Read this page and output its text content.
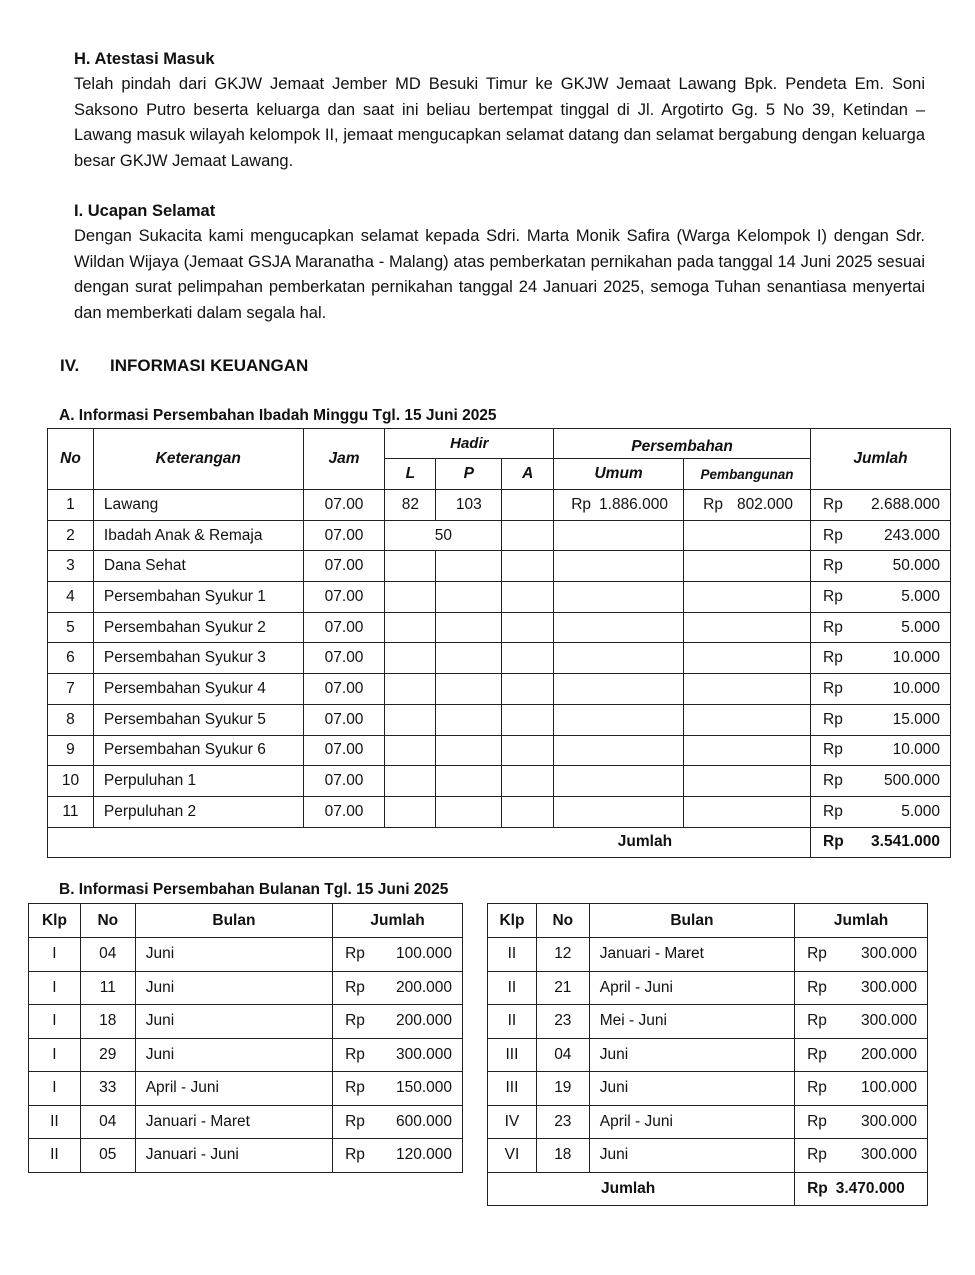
H. Atestasi Masuk

Telah pindah dari GKJW Jemaat Jember MD Besuki Timur ke GKJW Jemaat Lawang Bpk. Pendeta Em. Soni Saksono Putro beserta keluarga dan saat ini beliau bertempat tinggal di Jl. Argotirto Gg. 5 No 39, Ketindan – Lawang masuk wilayah kelompok II, jemaat mengucapkan selamat datang dan selamat bergabung dengan keluarga besar GKJW Jemaat Lawang.

I. Ucapan Selamat

Dengan Sukacita kami mengucapkan selamat kepada Sdri. Marta Monik Safira (Warga Kelompok I) dengan Sdr. Wildan Wijaya (Jemaat GSJA Maranatha - Malang) atas pemberkatan pernikahan pada tanggal 14 Juni 2025 sesuai dengan surat pelimpahan pemberkatan pernikahan tanggal 24 Januari 2025, semoga Tuhan senantiasa menyertai dan memberkati dalam segala hal.

IV. INFORMASI KEUANGAN
A. Informasi Persembahan Ibadah Minggu Tgl. 15 Juni 2025
No	Keterangan	Jam	Hadir			Persembahan		Jumlah
			L	P	A	Umum	Pembangunan	
1	Lawang	07.00	82	103		Rp 1.886.000	Rp 802.000	Rp 2.688.000

2	Ibadah Anak & Remaja	07.00	50					Rp 243.000

3	Dana Sehat	07.00						Rp 50.000

4	Persembahan Syukur 1	07.00						Rp 5.000

5	Persembahan Syukur 2	07.00						Rp 5.000

6	Persembahan Syukur 3	07.00						Rp 10.000

7	Persembahan Syukur 4	07.00						Rp 10.000

8	Persembahan Syukur 5	07.00						Rp 15.000

9	Persembahan Syukur 6	07.00						Rp 10.000

10	Perpuluhan 1	07.00						Rp 500.000

11	Perpuluhan 2	07.00						Rp 5.000

Jumlah								Rp 3.541.000
B. Informasi Persembahan Bulanan Tgl. 15 Juni 2025
Klp	No	Bulan	Jumlah
I	04	Juni	Rp 100.000

I	11	Juni	Rp 200.000

I	18	Juni	Rp 200.000

I	29	Juni	Rp 300.000

I	33	April - Juni	Rp 150.000

II	04	Januari - Maret	Rp 600.000

II	05	Januari - Juni	Rp 120.000
Klp	No	Bulan	Jumlah
II	12	Januari - Maret	Rp 300.000

II	21	April - Juni	Rp 300.000

II	23	Mei - Juni	Rp 300.000

III	04	Juni	Rp 200.000

III	19	Juni	Rp 100.000

IV	23	April - Juni	Rp 300.000

VI	18	Juni	Rp 300.000

Jumlah			Rp 3.470.000
